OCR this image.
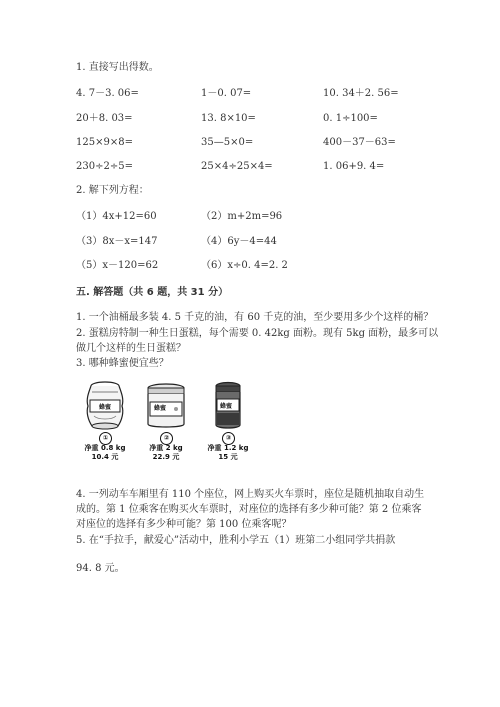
1. 直接写出得数。
4. 7－3. 06=	1－0. 07=	10. 34＋2. 56=
20＋8. 03=	13. 8×10=	0. 1÷100=
125×9×8=	35—5×0=	400－37－63=
230÷2÷5=	25×4÷25×4=	1. 06+9. 4=
2. 解下列方程：
（1）4x+12=60	（2）m+2m=96
（3）8x－x=147	（4）6y－4=44
（5）x－120=62	（6）x÷0. 4=2. 2
五. 解答题（共 6 题，共 31 分）
1. 一个油桶最多装 4. 5 千克的油，有 60 千克的油，至少要用多少个这样的桶？
2. 蛋糕房特制一种生日蛋糕，每个需要 0. 42kg 面粉。现有 5kg 面粉，最多可以
做几个这样的生日蛋糕？
3. 哪种蜂蜜便宜些？
蜂蜜
①
净重 0.8 kg
10.4 元
蜂蜜
②
净重 2 kg
22.9 元
蜂蜜
③
净重 1.2 kg
15 元
4. 一列动车车厢里有 110 个座位，网上购买火车票时，座位是随机抽取自动生
成的。第 1 位乘客在购买火车票时，对座位的选择有多少种可能？第 2 位乘客
对座位的选择有多少种可能？第 100 位乘客呢？
5. 在“手拉手，献爱心”活动中，胜利小学五（1）班第二小组同学共捐款
94. 8 元。
